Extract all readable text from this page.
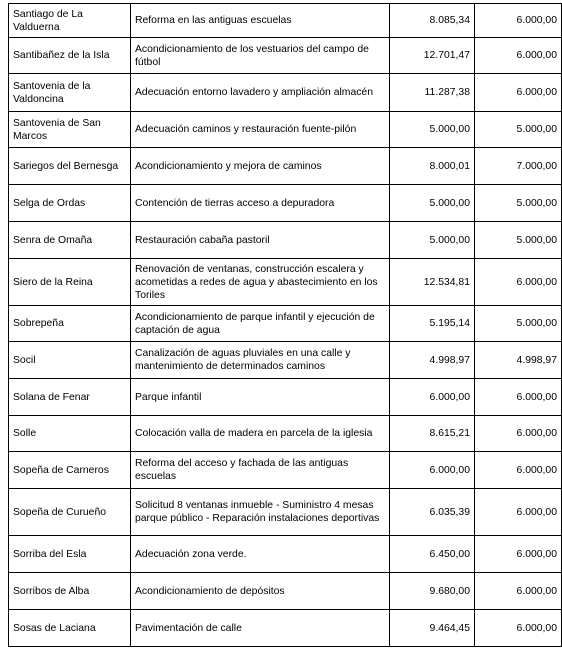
Santiago de La Valduerna	Reforma en las antiguas escuelas	8.085,34	6.000,00

Santibañez de la Isla	Acondicionamiento de los vestuarios del campo de fútbol	12.701,47	6.000,00

Santovenia de la Valdoncina	Adecuación entorno lavadero y ampliación almacén	11.287,38	6.000,00

Santovenia de San Marcos	Adecuación caminos y restauración fuente-pilón	5.000,00	5.000,00

Sariegos del Bernesga	Acondicionamiento y mejora de caminos	8.000,01	7.000,00

Selga de Ordas	Contención de tierras acceso a depuradora	5.000,00	5.000,00

Senra de Omaña	Restauración cabaña pastoril	5.000,00	5.000,00

Siero de la Reina	Renovación de ventanas, construcción escalera y acometidas a redes de agua y abastecimiento en los Toriles	12.534,81	6.000,00

Sobrepeña	Acondicionamiento de parque infantil y ejecución de captación de agua	5.195,14	5.000,00

Socil	Canalización de aguas pluviales en una calle y mantenimiento de determinados caminos	4.998,97	4.998,97

Solana de Fenar	Parque infantil	6.000,00	6.000,00

Solle	Colocación valla de madera en parcela de la iglesia	8.615,21	6.000,00

Sopeña de Carneros	Reforma del acceso y fachada de las antiguas escuelas	6.000,00	6.000,00

Sopeña de Curueño	Solicitud 8 ventanas inmueble - Suministro 4 mesas parque público - Reparación instalaciones deportivas	6.035,39	6.000,00

Sorriba del Esla	Adecuación zona verde.	6.450,00	6.000,00

Sorribos de Alba	Acondicionamiento de depósitos	9.680,00	6.000,00

Sosas de Laciana	Pavimentación de calle	9.464,45	6.000,00
